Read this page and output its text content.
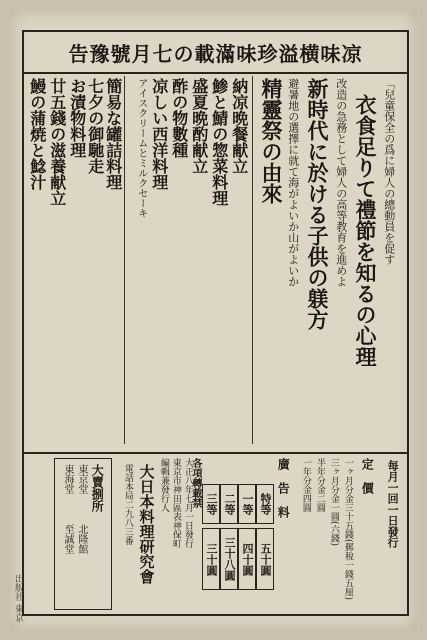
告豫號月七の載滿味珍溢横味凉
「兒童保全の爲に婦人の總動員を促す
衣食足りて禮節を知るの心理
改造の急務として婦人の高等教育を進めよ
新時代に於ける子供の躾方
避暑地の選擇に就て海がよいか山がよいか
精靈祭の由來
納凉晩餐献立
鯵と鯖の惣菜料理
盛夏晩酌献立
酢の物數種
凉しい西洋料理
アイスクリームとミルクセーキ
簡易な罐詰料理
七夕の御馳走
お漬物料理
廿五錢の滋養献立
鰻の蒲焼と鯰汁
每月一回一日發行
定　價
一ヶ月分金三十五錢(郵稅一錢五厘)
三ヶ月分金一圓(六錢)
半年分金二圓
一年分金四圓
廣　告　料
特等
一等
二等
三等
五十圓
四十圓
三十八圓
三十圓
大正八年七月一日發行
東京市神田區表神保町
編輯兼發行人
大日本料理研究會
電話本局二九八三番	各項轉載禁
大賣捌所
東京堂
北隆館
東海堂
至誠堂
出版社 東京
